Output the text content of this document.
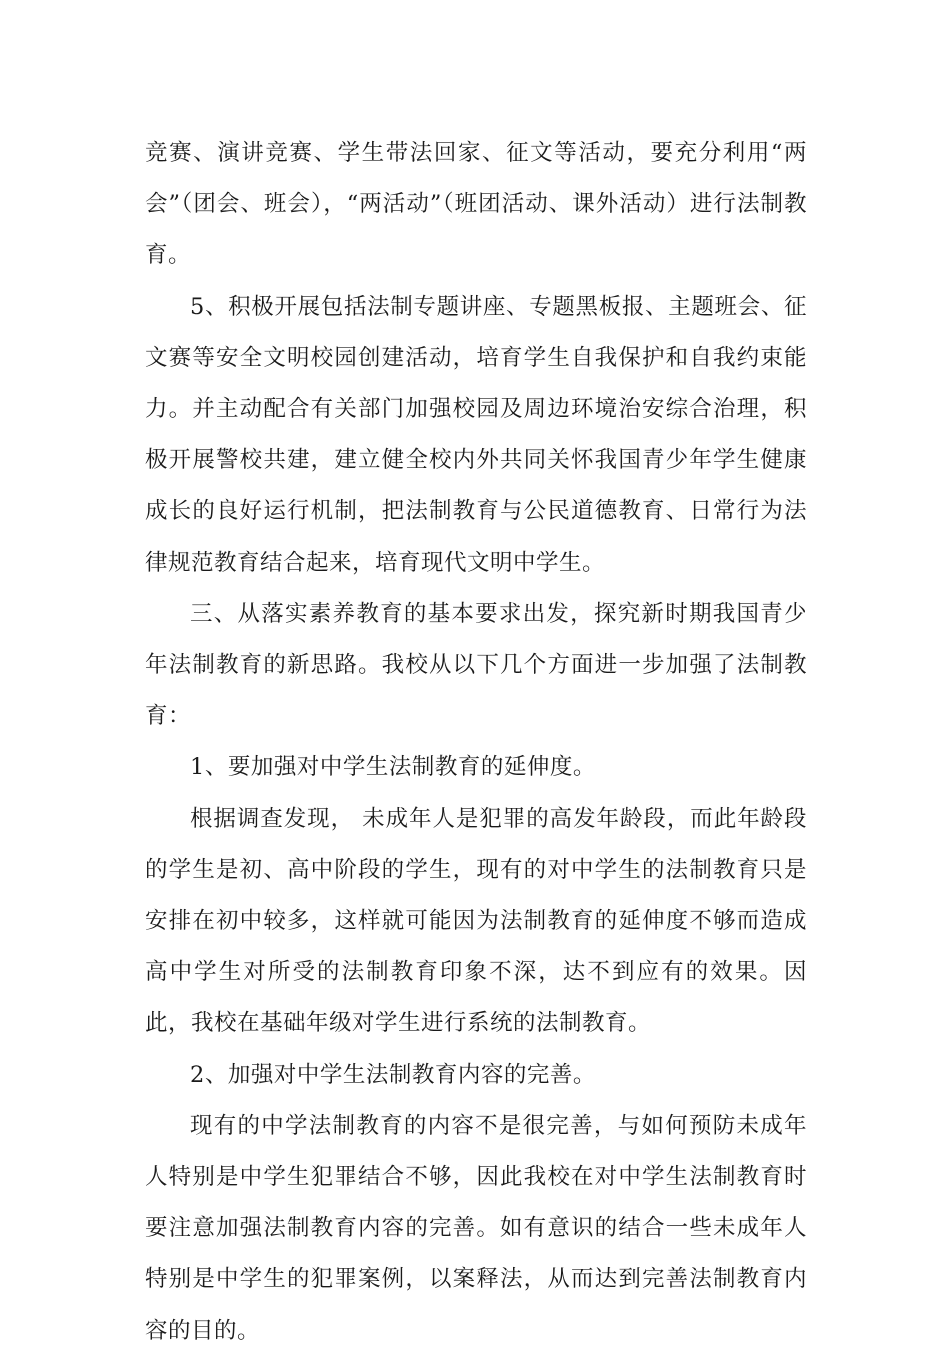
竞赛、演讲竞赛、学生带法回家、征文等活动，要充分利用“两会”（团会、班会），“两活动”（班团活动、课外活动）进行法制教育。

5、积极开展包括法制专题讲座、专题黑板报、主题班会、征文赛等安全文明校园创建活动，培育学生自我保护和自我约束能力。并主动配合有关部门加强校园及周边环境治安综合治理，积极开展警校共建，建立健全校内外共同关怀我国青少年学生健康成长的良好运行机制，把法制教育与公民道德教育、日常行为法律规范教育结合起来，培育现代文明中学生。

三、从落实素养教育的基本要求出发，探究新时期我国青少年法制教育的新思路。我校从以下几个方面进一步加强了法制教育：

1、要加强对中学生法制教育的延伸度。

根据调查发现， 未成年人是犯罪的高发年龄段，而此年龄段的学生是初、高中阶段的学生，现有的对中学生的法制教育只是安排在初中较多，这样就可能因为法制教育的延伸度不够而造成高中学生对所受的法制教育印象不深，达不到应有的效果。因此，我校在基础年级对学生进行系统的法制教育。

2、加强对中学生法制教育内容的完善。

现有的中学法制教育的内容不是很完善，与如何预防未成年人特别是中学生犯罪结合不够，因此我校在对中学生法制教育时要注意加强法制教育内容的完善。如有意识的结合一些未成年人特别是中学生的犯罪案例，以案释法，从而达到完善法制教育内容的目的。
